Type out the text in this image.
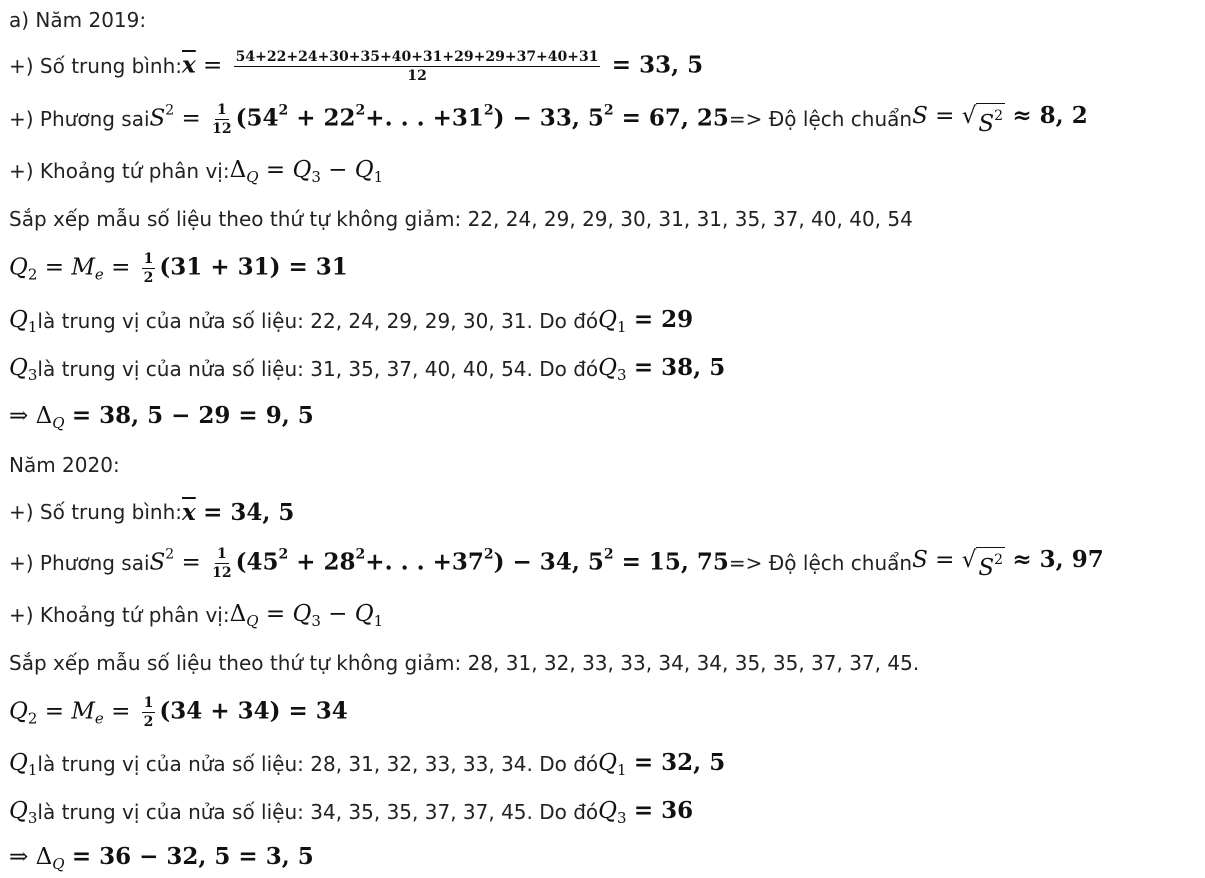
a) Năm 2019:
+) Số trung bình: $\overline{x} = \frac{54+22+24+30+35+40+31+29+29+37+40+31}{12} = 33$, 5
+) Phương sai $S^2 = \frac{1}{12} (54^2 + 22^2+$. . . $+31^2) - 33$, $5^2 = 67$, 25 => Độ lệch chuẩn S = √ $S^2 \approx 8$, 2
+) Khoảng tứ phân vị: $\Delta_Q = Q_3 - Q_1$
Sắp xếp mẫu số liệu theo thứ tự không giảm: 22, 24, 29, 29, 30, 31, 31, 35, 37, 40, 40, 54
$Q_2 = M_e = \frac{1}{2} (31 + 31) = 31$
$Q_1$ là trung vị của nửa số liệu: 22, 24, 29, 29, 30, 31. Do đó $Q_1 = 29$
$Q_3$ là trung vị của nửa số liệu: 31, 35, 37, 40, 40, 54. Do đó $Q_3 = 38$, 5
⇒ $\Delta_Q = 38$, 5 − 29 = 9, 5
Năm 2020:
+) Số trung bình: $\overline{x} = 34$, 5
+) Phương sai $S^2 = \frac{1}{12} (45^2 + 28^2+$. . . $+37^2) - 34$, $5^2 = 15$, 75 => Độ lệch chuẩn S = √ $S^2 \approx 3$, 97
+) Khoảng tứ phân vị: $\Delta_Q = Q_3 - Q_1$
Sắp xếp mẫu số liệu theo thứ tự không giảm: 28, 31, 32, 33, 33, 34, 34, 35, 35, 37, 37, 45.
$Q_2 = M_e = \frac{1}{2} (34 + 34) = 34$
$Q_1$ là trung vị của nửa số liệu: 28, 31, 32, 33, 33, 34. Do đó $Q_1 = 32$, 5
$Q_3$ là trung vị của nửa số liệu: 34, 35, 35, 37, 37, 45. Do đó $Q_3 = 36$
⇒ $\Delta_Q = 36 - 32$, 5 = 3, 5
